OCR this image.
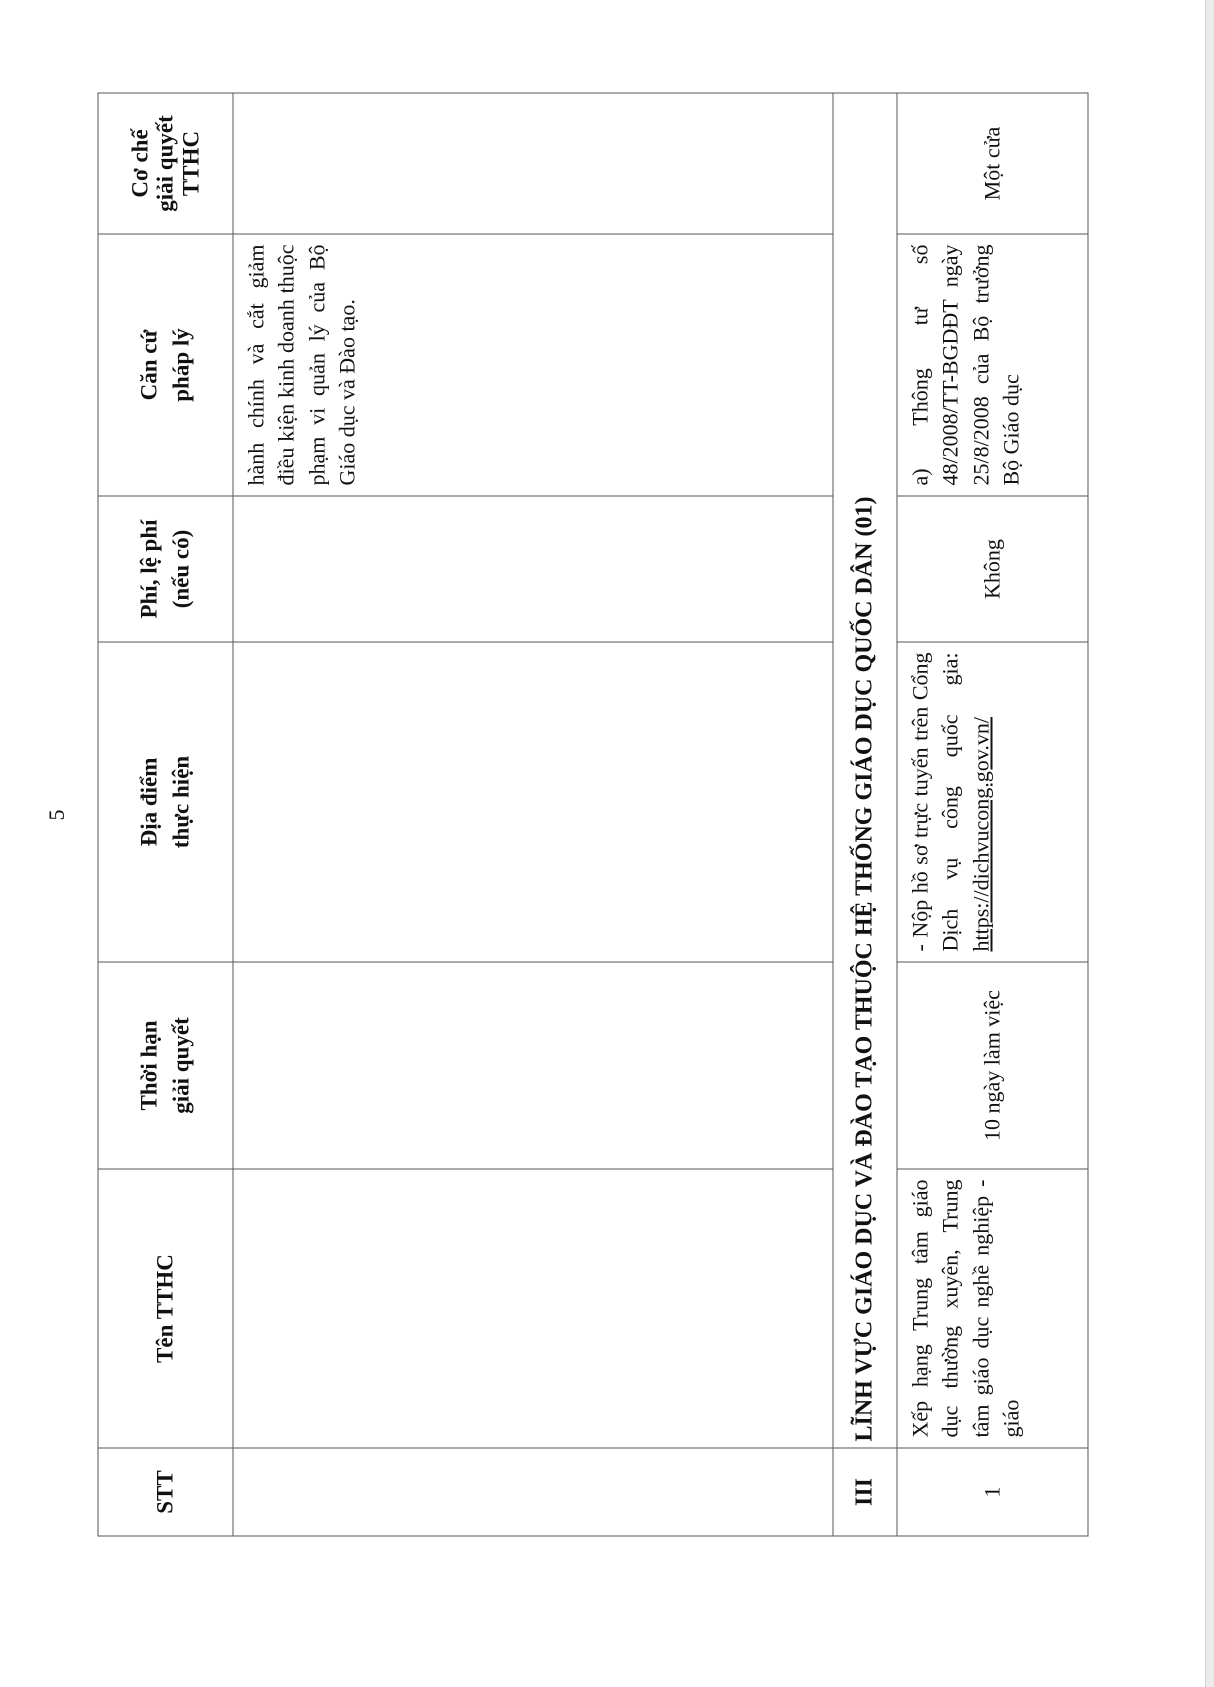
5
STT	Tên TTHC	Thời hạn giải quyết	Địa điểm thực hiện	Phí, lệ phí (nếu có)	Căn cứ pháp lý	Cơ chế giải quyết TTHC

					hành chính và cắt giảm điều kiện kinh doanh thuộc phạm vi quản lý của Bộ Giáo dục và Đào tạo.	
III	LĨNH VỰC GIÁO DỤC VÀ ĐÀO TẠO THUỘC HỆ THỐNG GIÁO DỤC QUỐC DÂN (01)					
1	Xếp hạng Trung tâm giáo dục thường xuyên, Trung tâm giáo dục nghề nghiệp - giáo	10 ngày làm việc	- Nộp hồ sơ trực tuyến trên Cổng Dịch vụ công quốc gia: https://dichvucong.gov.vn/	Không	a) Thông tư số 48/2008/TT-BGDĐT ngày 25/8/2008 của Bộ trưởng Bộ Giáo dục	Một cửa
